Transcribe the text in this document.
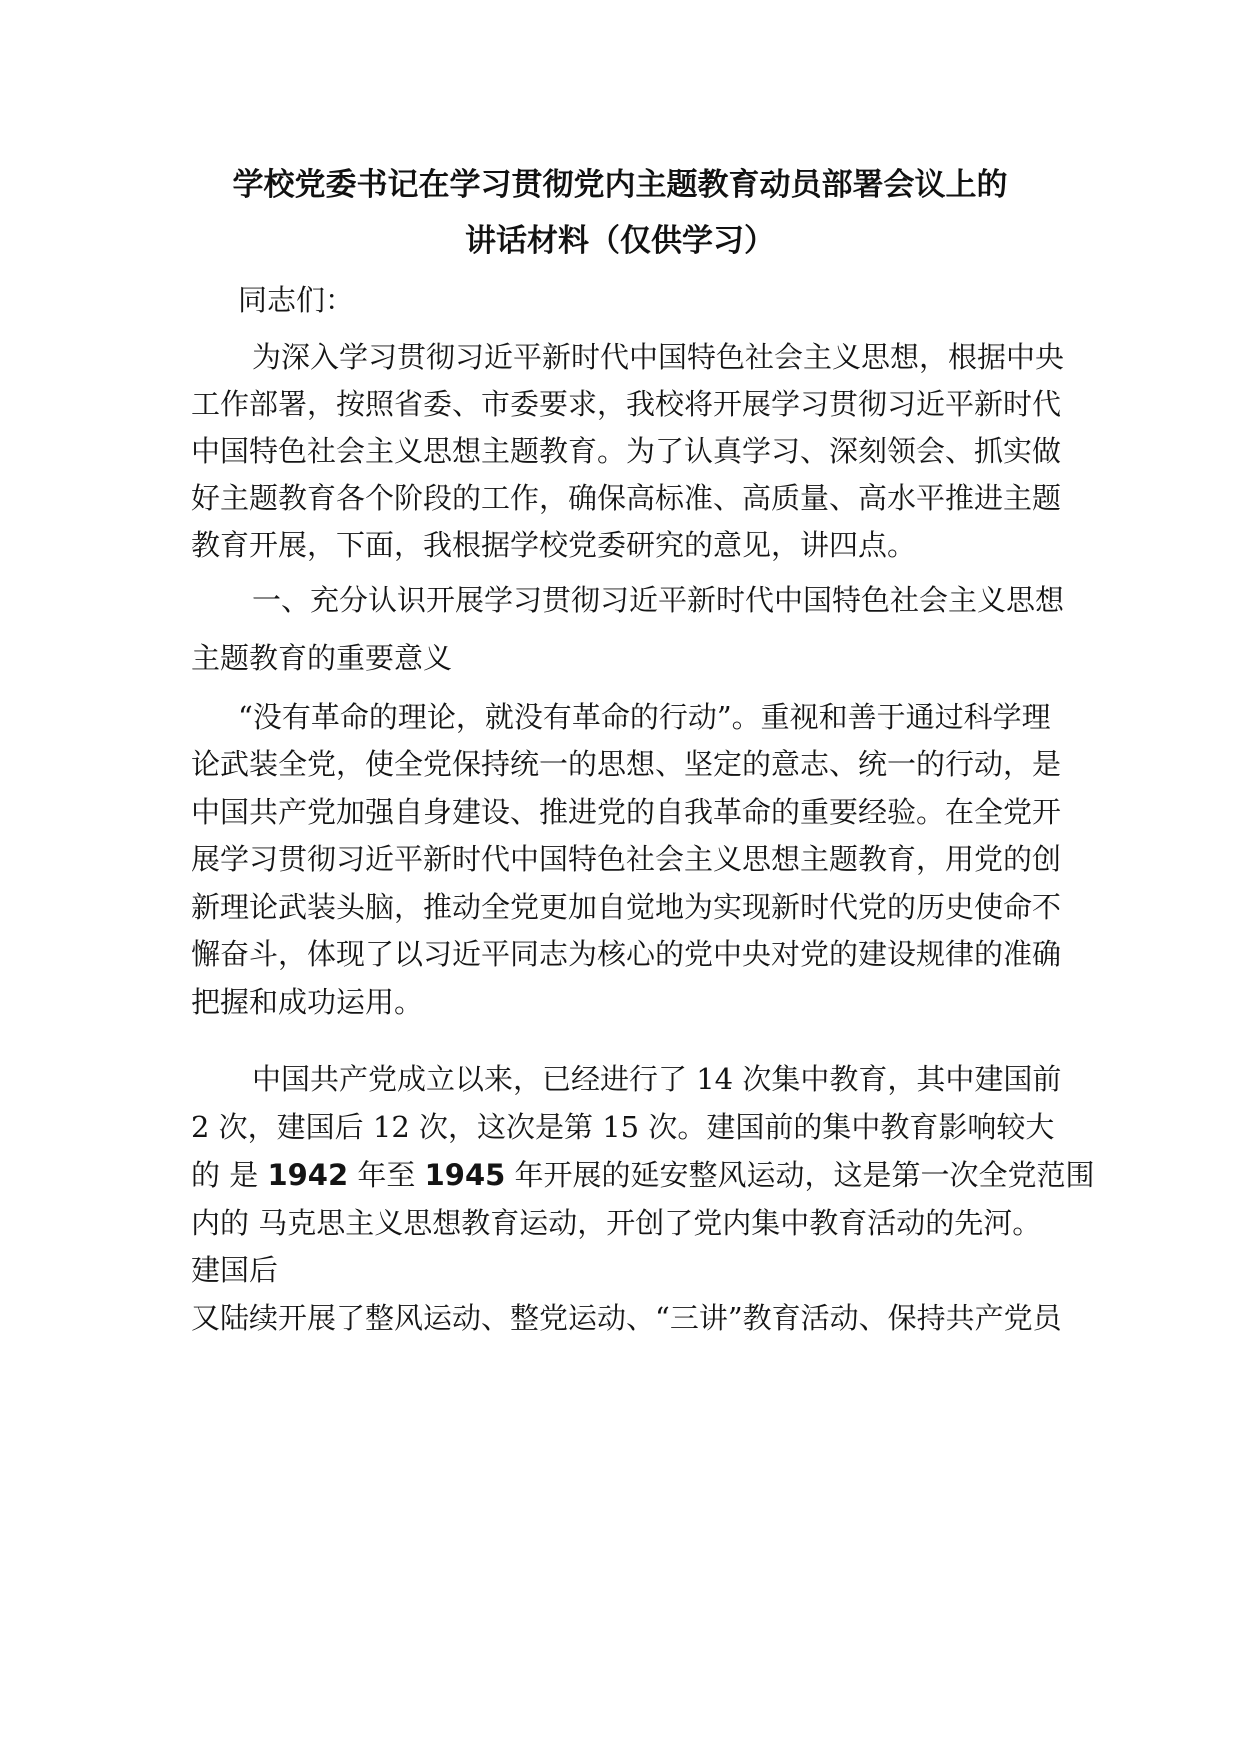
学校党委书记在学习贯彻党内主题教育动员部署会议上的
讲话材料（仅供学习）
同志们：
为深入学习贯彻习近平新时代中国特色社会主义思想，根据中央
工作部署，按照省委、市委要求，我校将开展学习贯彻习近平新时代
中国特色社会主义思想主题教育。为了认真学习、深刻领会、抓实做
好主题教育各个阶段的工作，确保高标准、高质量、高水平推进主题
教育开展，下面，我根据学校党委研究的意见，讲四点。
一、充分认识开展学习贯彻习近平新时代中国特色社会主义思想
主题教育的重要意义
“没有革命的理论，就没有革命的行动”。重视和善于通过科学理
论武装全党，使全党保持统一的思想、坚定的意志、统一的行动，是
中国共产党加强自身建设、推进党的自我革命的重要经验。在全党开
展学习贯彻习近平新时代中国特色社会主义思想主题教育，用党的创
新理论武装头脑，推动全党更加自觉地为实现新时代党的历史使命不
懈奋斗，体现了以习近平同志为核心的党中央对党的建设规律的准确
把握和成功运用。
中国共产党成立以来，已经进行了 14 次集中教育，其中建国前
2 次，建国后 12 次，这次是第 15 次。建国前的集中教育影响较大
的 是 1942 年至 1945 年开展的延安整风运动，这是第一次全党范围
内的 马克思主义思想教育运动，开创了党内集中教育活动的先河。
建国后
又陆续开展了整风运动、整党运动、“三讲”教育活动、保持共产党员
